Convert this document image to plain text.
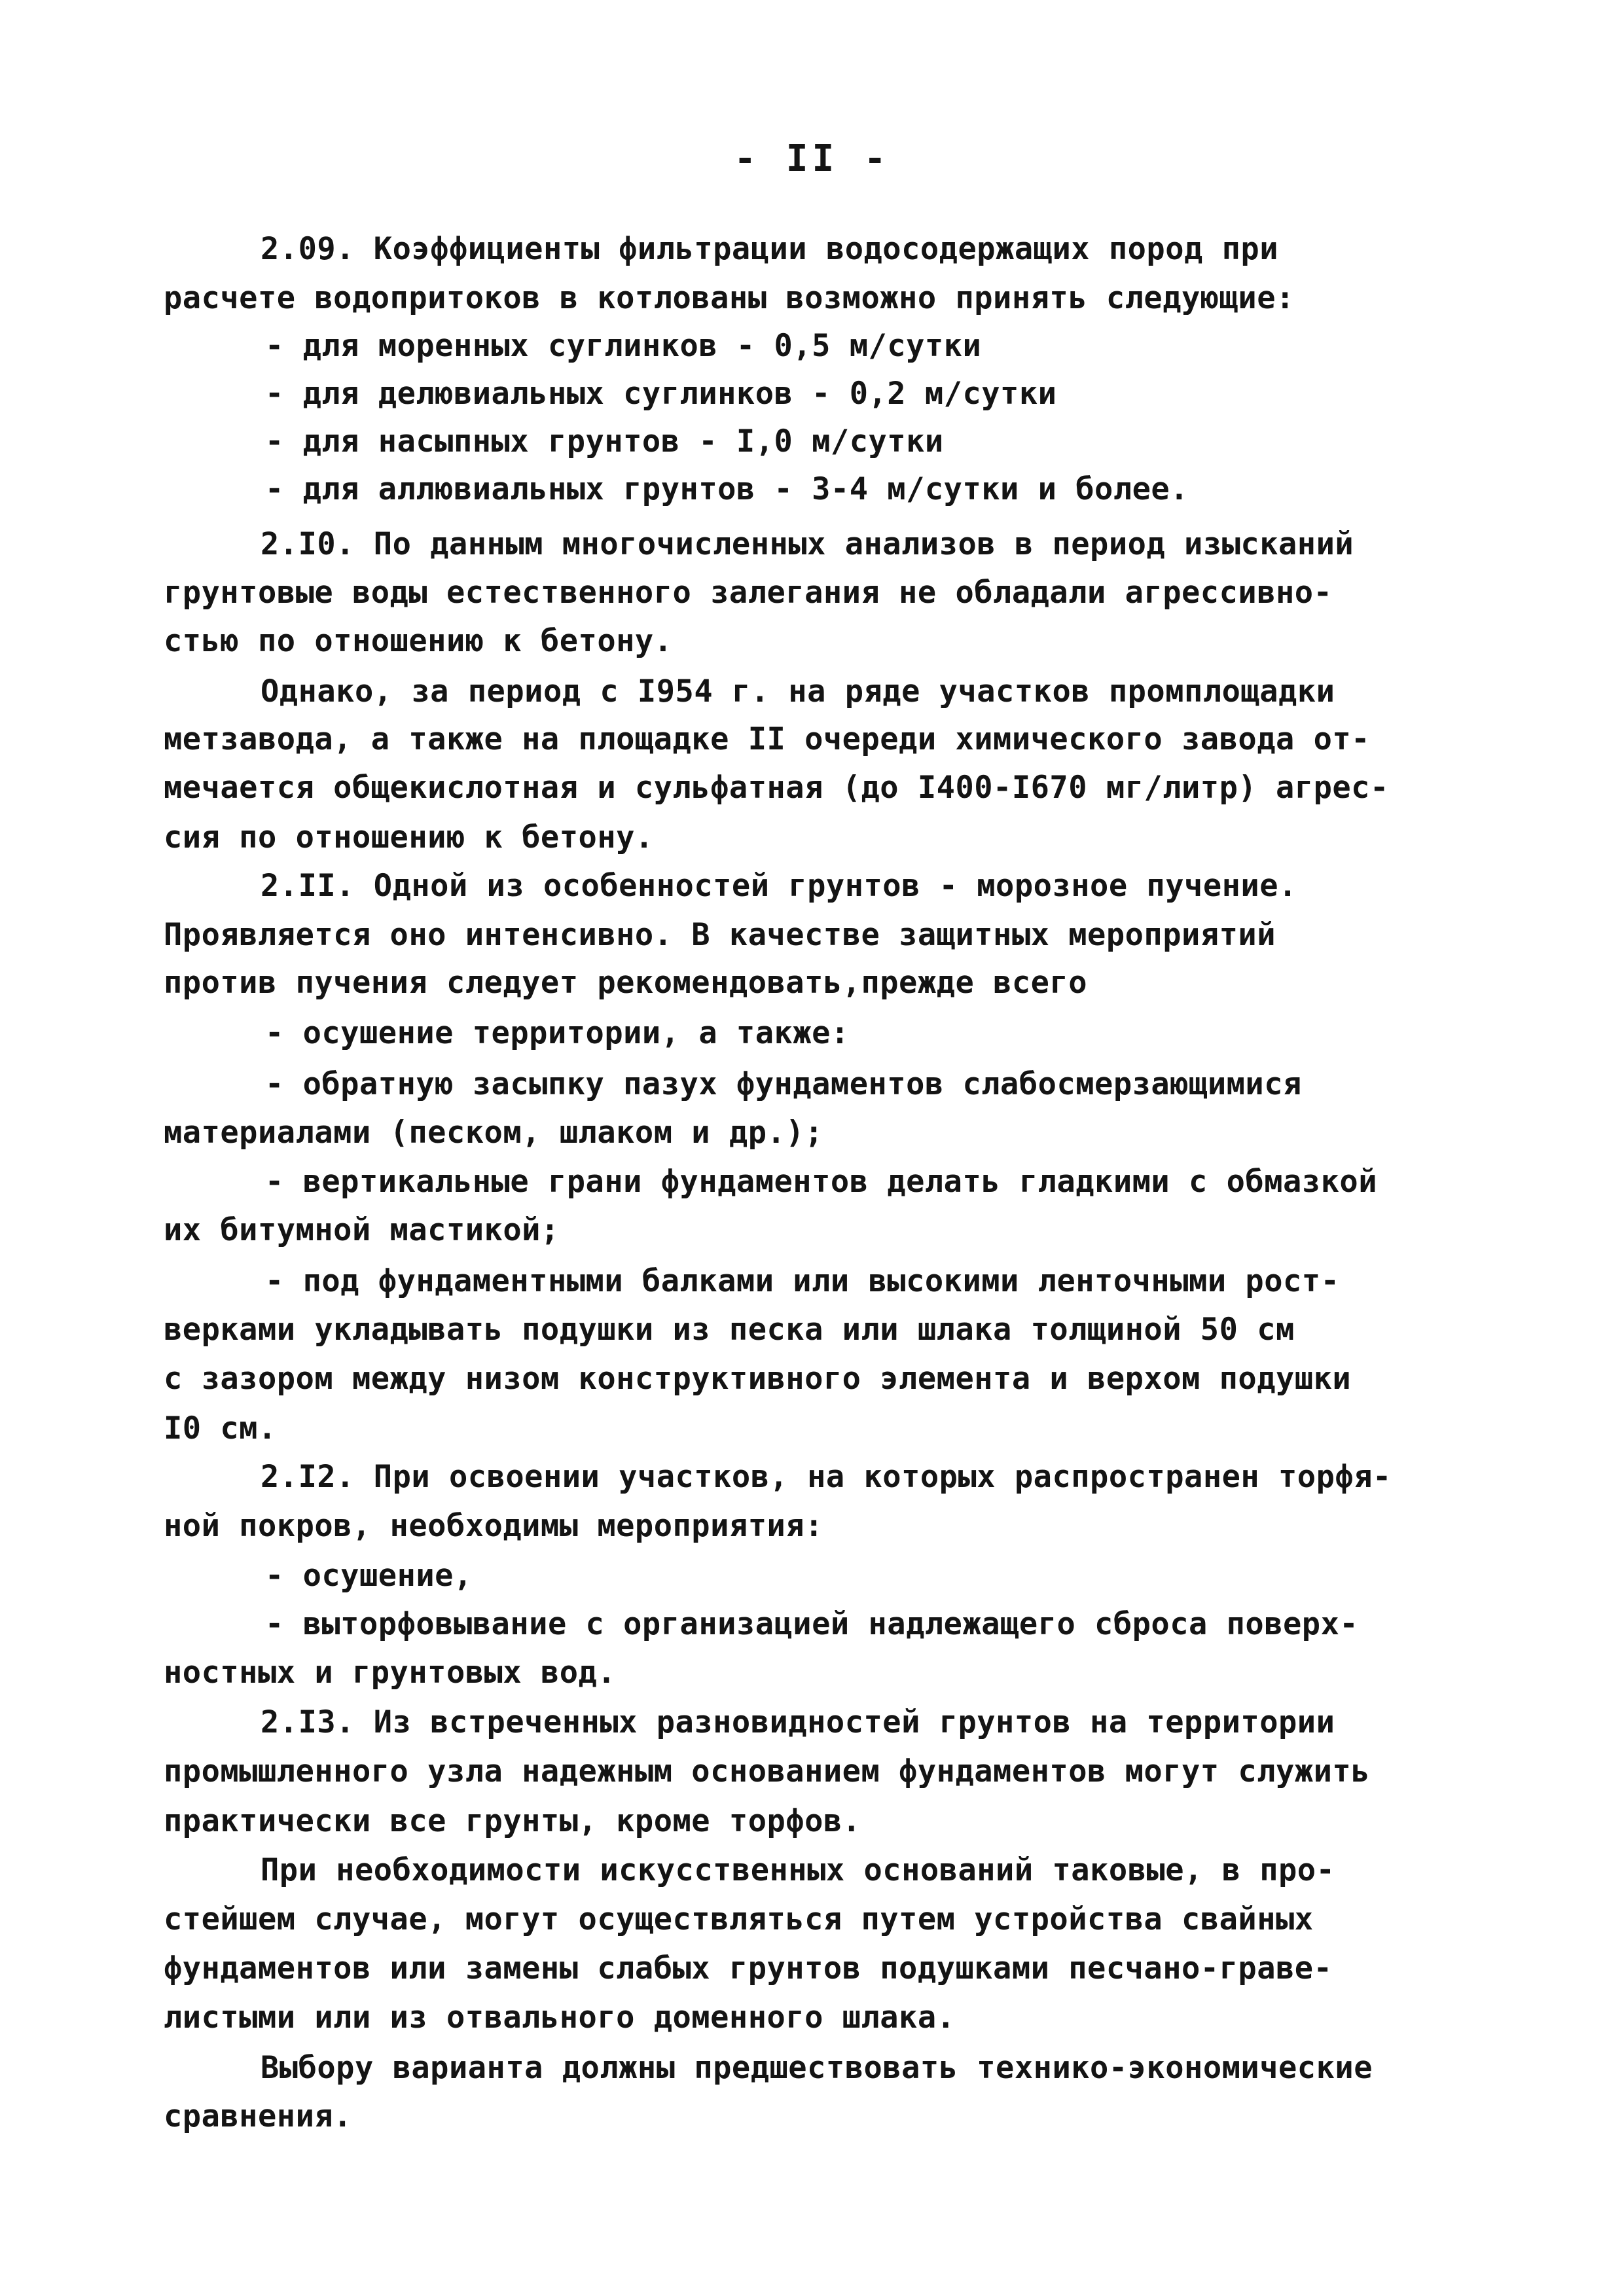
- II -
2.09. Коэффициенты фильтрации водосодержащих пород при
расчете водопритоков в котлованы возможно принять следующие:
- для моренных суглинков - 0,5 м/сутки
- для делювиальных суглинков - 0,2 м/сутки
- для насыпных грунтов - I,0 м/сутки
- для аллювиальных грунтов - 3-4 м/сутки и более.
2.I0. По данным многочисленных анализов в период изысканий
грунтовые воды естественного залегания не обладали агрессивно-
стью по отношению к бетону.
Однако, за период с I954 г. на ряде участков промплощадки
метзавода, а также на площадке II очереди химического завода от-
мечается общекислотная и сульфатная (до I400-I670 мг/литр) агрес-
сия по отношению к бетону.
2.II. Одной из особенностей грунтов - морозное пучение.
Проявляется оно интенсивно. В качестве защитных мероприятий
против пучения следует рекомендовать,прежде всего
- осушение территории, а также:
- обратную засыпку пазух фундаментов слабосмерзающимися
материалами (песком, шлаком и др.);
- вертикальные грани фундаментов делать гладкими с обмазкой
их битумной мастикой;
- под фундаментными балками или высокими ленточными рост-
верками укладывать подушки из песка или шлака толщиной 50 см
с зазором между низом конструктивного элемента и верхом подушки
I0 см.
2.I2. При освоении участков, на которых распространен торфя-
ной покров, необходимы мероприятия:
- осушение,
- выторфовывание с организацией надлежащего сброса поверх-
ностных и грунтовых вод.
2.I3. Из встреченных разновидностей грунтов на территории
промышленного узла надежным основанием фундаментов могут служить
практически все грунты, кроме торфов.
При необходимости искусственных оснований таковые, в про-
стейшем случае, могут осуществляться путем устройства свайных
фундаментов или замены слабых грунтов подушками песчано-граве-
листыми или из отвального доменного шлака.
Выбору варианта должны предшествовать технико-экономические
сравнения.
